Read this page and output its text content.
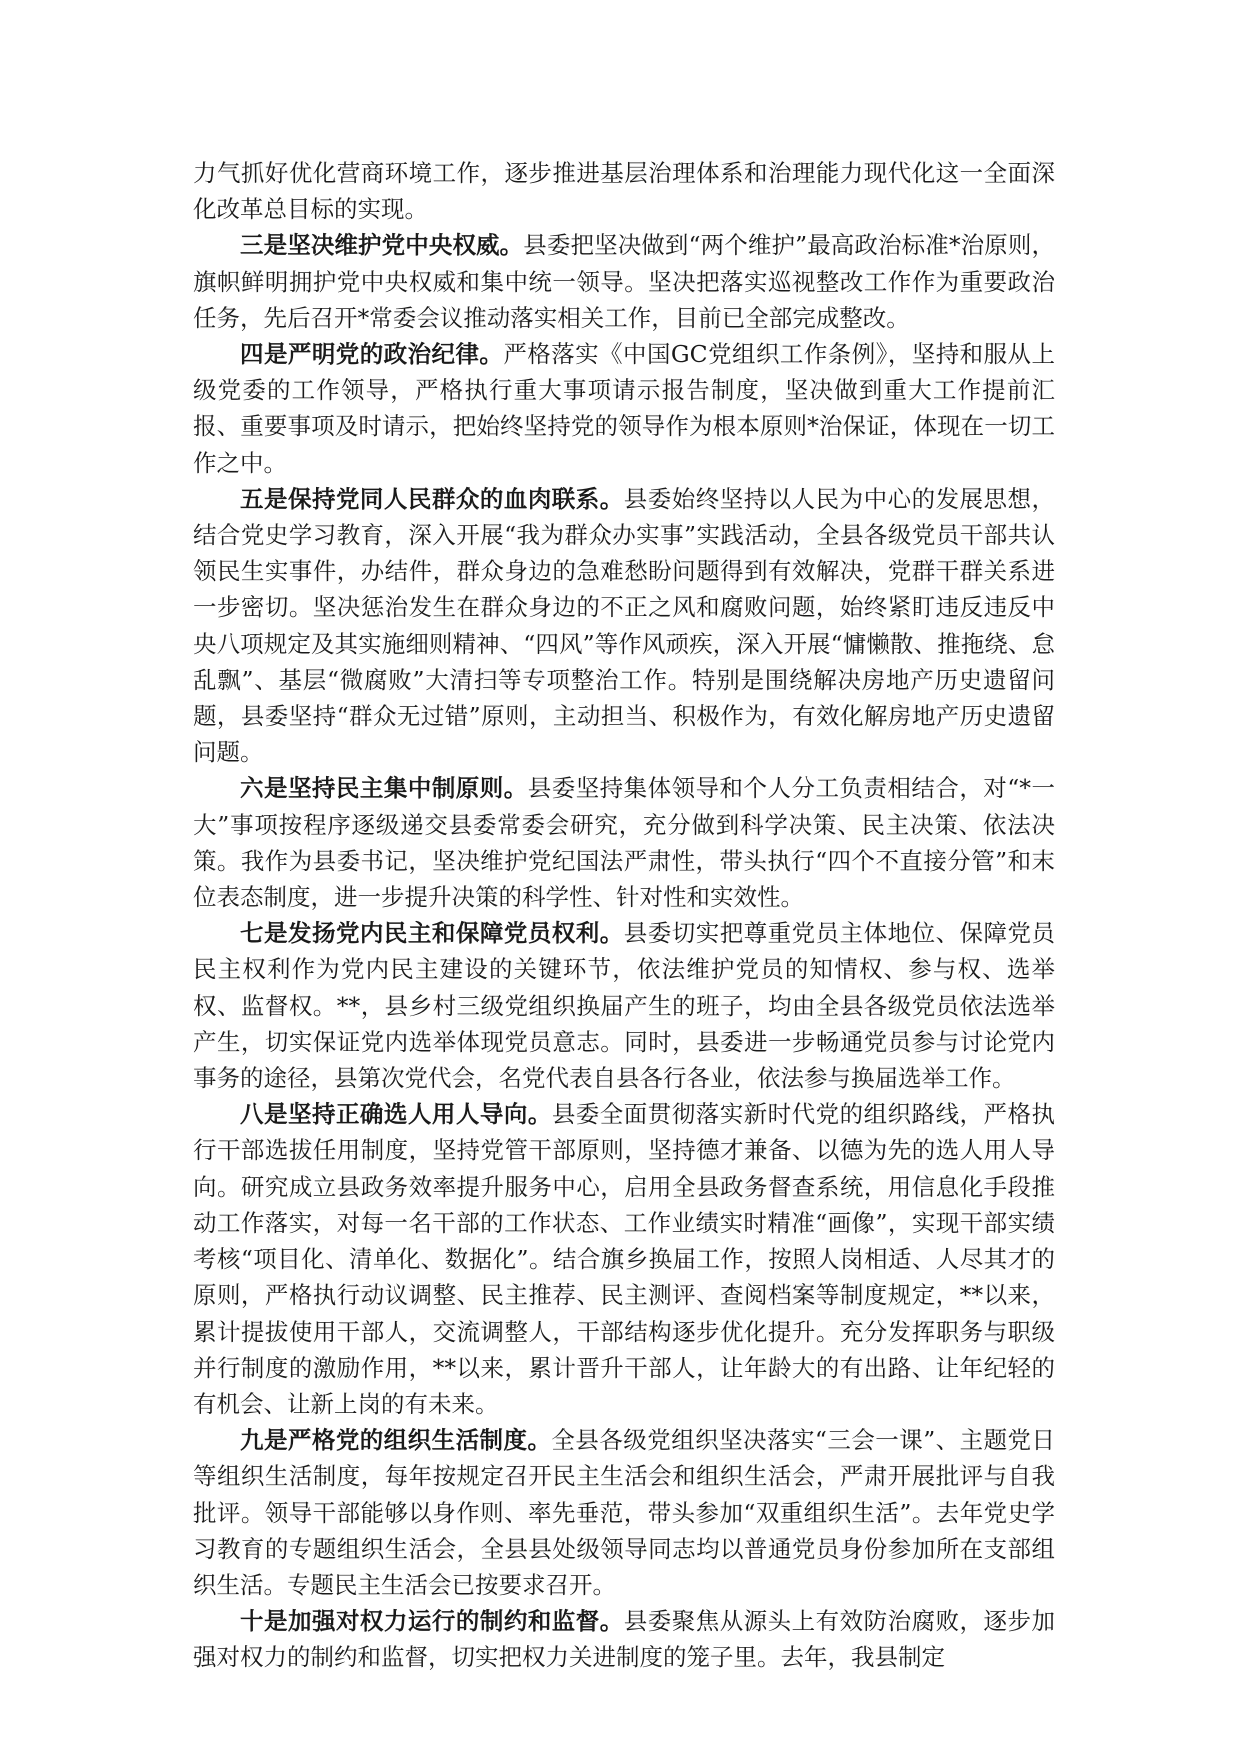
力气抓好优化营商环境工作，逐步推进基层治理体系和治理能力现代化这一全面深化改革总目标的实现。

三是坚决维护党中央权威。县委把坚决做到“两个维护”最高政治标准*治原则，旗帜鲜明拥护党中央权威和集中统一领导。坚决把落实巡视整改工作作为重要政治任务，先后召开*常委会议推动落实相关工作，目前已全部完成整改。

四是严明党的政治纪律。严格落实《中国GC党组织工作条例》，坚持和服从上级党委的工作领导，严格执行重大事项请示报告制度，坚决做到重大工作提前汇报、重要事项及时请示，把始终坚持党的领导作为根本原则*治保证，体现在一切工作之中。

五是保持党同人民群众的血肉联系。县委始终坚持以人民为中心的发展思想，结合党史学习教育，深入开展“我为群众办实事”实践活动，全县各级党员干部共认领民生实事件，办结件，群众身边的急难愁盼问题得到有效解决，党群干群关系进一步密切。坚决惩治发生在群众身边的不正之风和腐败问题，始终紧盯违反违反中央八项规定及其实施细则精神、“四风”等作风顽疾，深入开展“慵懒散、推拖绕、怠乱飘”、基层“微腐败”大清扫等专项整治工作。特别是围绕解决房地产历史遗留问题，县委坚持“群众无过错”原则，主动担当、积极作为，有效化解房地产历史遗留问题。

六是坚持民主集中制原则。县委坚持集体领导和个人分工负责相结合，对“*一大”事项按程序逐级递交县委常委会研究，充分做到科学决策、民主决策、依法决策。我作为县委书记，坚决维护党纪国法严肃性，带头执行“四个不直接分管”和末位表态制度，进一步提升决策的科学性、针对性和实效性。

七是发扬党内民主和保障党员权利。县委切实把尊重党员主体地位、保障党员民主权利作为党内民主建设的关键环节，依法维护党员的知情权、参与权、选举权、监督权。**，县乡村三级党组织换届产生的班子，均由全县各级党员依法选举产生，切实保证党内选举体现党员意志。同时，县委进一步畅通党员参与讨论党内事务的途径，县第次党代会，名党代表自县各行各业，依法参与换届选举工作。

八是坚持正确选人用人导向。县委全面贯彻落实新时代党的组织路线，严格执行干部选拔任用制度，坚持党管干部原则，坚持德才兼备、以德为先的选人用人导向。研究成立县政务效率提升服务中心，启用全县政务督查系统，用信息化手段推动工作落实，对每一名干部的工作状态、工作业绩实时精准“画像”，实现干部实绩考核“项目化、清单化、数据化”。结合旗乡换届工作，按照人岗相适、人尽其才的原则，严格执行动议调整、民主推荐、民主测评、查阅档案等制度规定，**以来，累计提拔使用干部人，交流调整人，干部结构逐步优化提升。充分发挥职务与职级并行制度的激励作用，**以来，累计晋升干部人，让年龄大的有出路、让年纪轻的有机会、让新上岗的有未来。

九是严格党的组织生活制度。全县各级党组织坚决落实“三会一课”、主题党日等组织生活制度，每年按规定召开民主生活会和组织生活会，严肃开展批评与自我批评。领导干部能够以身作则、率先垂范，带头参加“双重组织生活”。去年党史学习教育的专题组织生活会，全县县处级领导同志均以普通党员身份参加所在支部组织生活。专题民主生活会已按要求召开。

十是加强对权力运行的制约和监督。县委聚焦从源头上有效防治腐败，逐步加强对权力的制约和监督，切实把权力关进制度的笼子里。去年，我县制定
